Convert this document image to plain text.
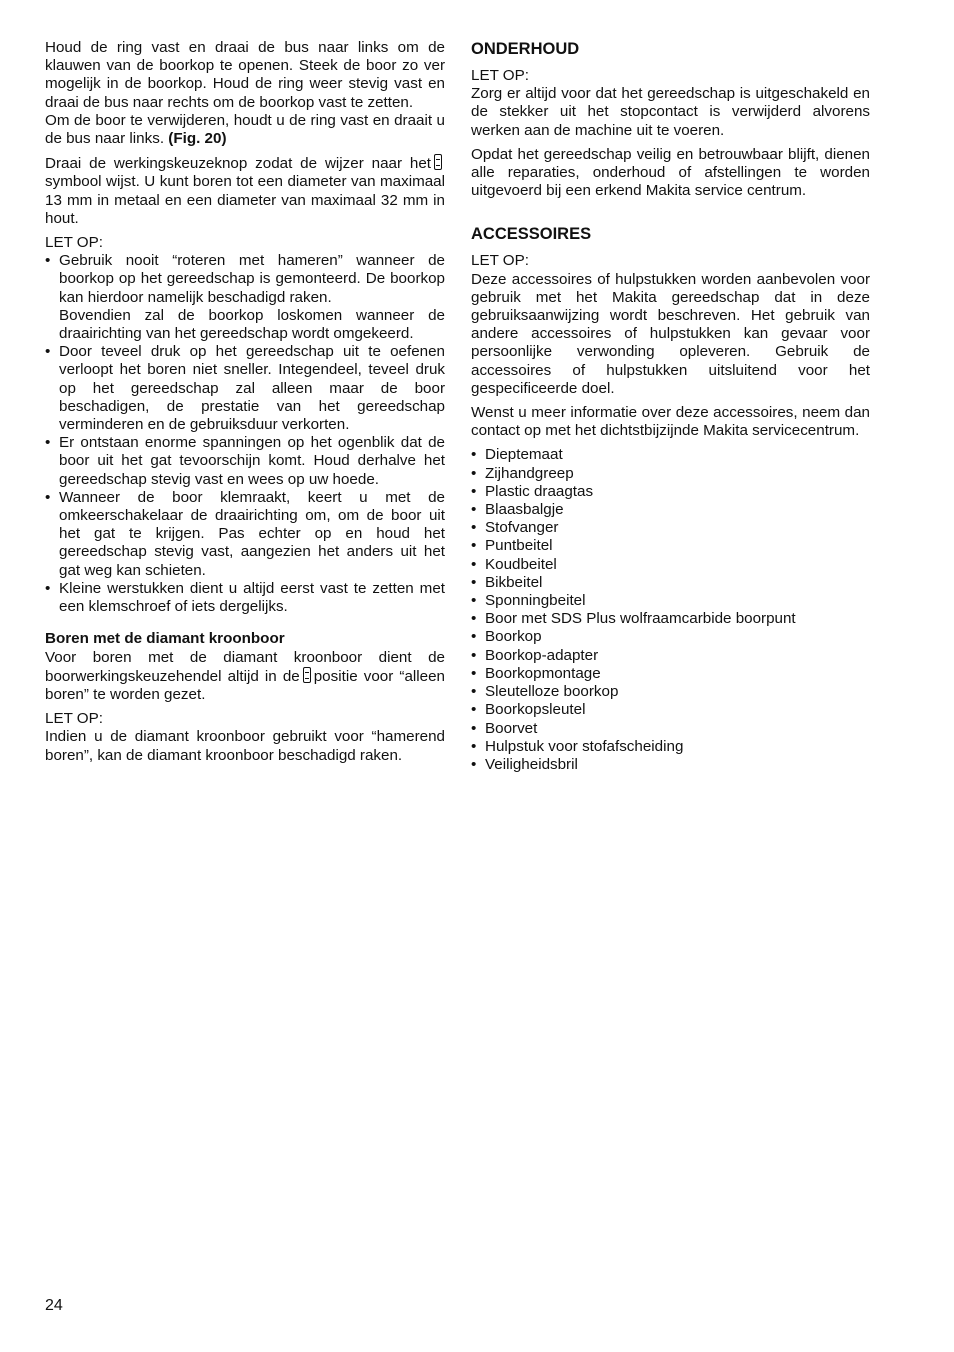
Houd de ring vast en draai de bus naar links om de klauwen van de boorkop te openen. Steek de boor zo ver mogelijk in de boorkop. Houd de ring weer stevig vast en draai de bus naar rechts om de boorkop vast te zetten.
Om de boor te verwijderen, houdt u de ring vast en draait u de bus naar links. (Fig. 20)

Draai de werkingskeuzeknop zodat de wijzer naar hetsymbool wijst. U kunt boren tot een diameter van maximaal 13 mm in metaal en een diameter van maximaal 32 mm in hout.

LET OP:
• Gebruik nooit “roteren met hameren” wanneer de boorkop op het gereedschap is gemonteerd. De boorkop kan hierdoor namelijk beschadigd raken.
Bovendien zal de boorkop loskomen wanneer de draairichting van het gereedschap wordt omgekeerd.
• Door teveel druk op het gereedschap uit te oefenen verloopt het boren niet sneller. Integendeel, teveel druk op het gereedschap zal alleen maar de boor beschadigen, de prestatie van het gereedschap verminderen en de gebruiksduur verkorten.
• Er ontstaan enorme spanningen op het ogenblik dat de boor uit het gat tevoorschijn komt. Houd derhalve het gereedschap stevig vast en wees op uw hoede.
• Wanneer de boor klemraakt, keert u met de omkeerschakelaar de draairichting om, om de boor uit het gat te krijgen. Pas echter op en houd het gereedschap stevig vast, aangezien het anders uit het gat weg kan schieten.
• Kleine werstukken dient u altijd eerst vast te zetten met een klemschroef of iets dergelijks.
Boren met de diamant kroonboor

Voor boren met de diamant kroonboor dient de boorwerkingskeuzehendel altijd in de positie voor “alleen boren” te worden gezet.

LET OP:

Indien u de diamant kroonboor gebruikt voor “hamerend boren”, kan de diamant kroonboor beschadigd raken.

ONDERHOUD
LET OP:

Zorg er altijd voor dat het gereedschap is uitgeschakeld en de stekker uit het stopcontact is verwijderd alvorens werken aan de machine uit te voeren.

Opdat het gereedschap veilig en betrouwbaar blijft, dienen alle reparaties, onderhoud of afstellingen te worden uitgevoerd bij een erkend Makita service centrum.

ACCESSOIRES
LET OP:

Deze accessoires of hulpstukken worden aanbevolen voor gebruik met het Makita gereedschap dat in deze gebruiksaanwijzing wordt beschreven. Het gebruik van andere accessoires of hulpstukken kan gevaar voor persoonlijke verwonding opleveren. Gebruik de accessoires of hulpstukken uitsluitend voor het gespecificeerde doel.

Wenst u meer informatie over deze accessoires, neem dan contact op met het dichtstbijzijnde Makita servicecentrum.

• Dieptemaat
• Zijhandgreep
• Plastic draagtas
• Blaasbalgje
• Stofvanger
• Puntbeitel
• Koudbeitel
• Bikbeitel
• Sponningbeitel
• Boor met SDS Plus wolfraamcarbide boorpunt
• Boorkop
• Boorkop-adapter
• Boorkopmontage
• Sleutelloze boorkop
• Boorkopsleutel
• Boorvet
• Hulpstuk voor stofafscheiding
• Veiligheidsbril
24
